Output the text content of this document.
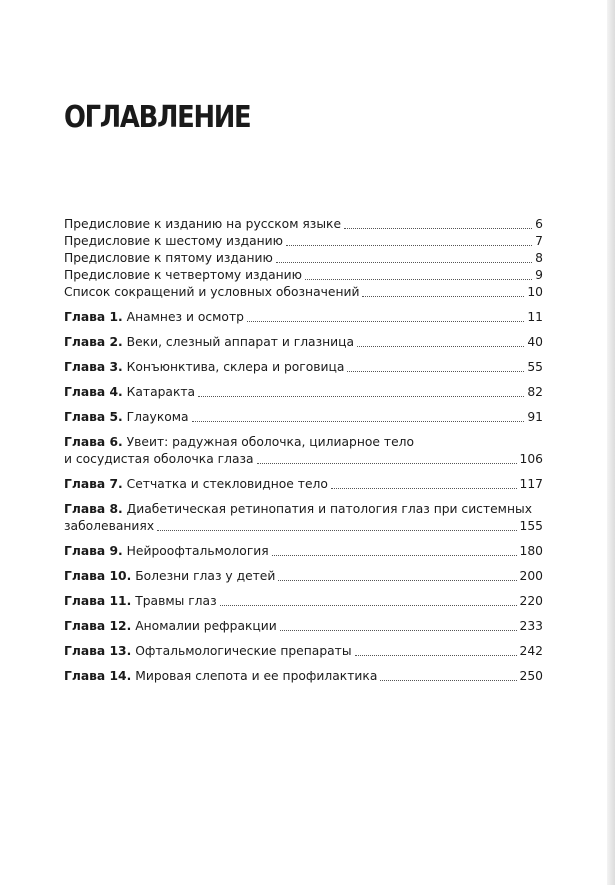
ОГЛАВЛЕНИЕ
Предисловие к изданию на русском языке	6
Предисловие к шестому изданию	7
Предисловие к пятому изданию	8
Предисловие к четвертому изданию	9
Список сокращений и условных обозначений	10
Глава 1. Анамнез и осмотр	11
Глава 2. Веки, слезный аппарат и глазница	40
Глава 3. Конъюнктива, склера и роговица	55
Глава 4. Катаракта	82
Глава 5. Глаукома	91
Глава 6. Увеит: радужная оболочка, цилиарное тело
и сосудистая оболочка глаза	106
Глава 7. Сетчатка и стекловидное тело	117
Глава 8. Диабетическая ретинопатия и патология глаз при системных
заболеваниях	155
Глава 9. Нейроофтальмология	180
Глава 10. Болезни глаз у детей	200
Глава 11. Травмы глаз	220
Глава 12. Аномалии рефракции	233
Глава 13. Офтальмологические препараты	242
Глава 14. Мировая слепота и ее профилактика	250
